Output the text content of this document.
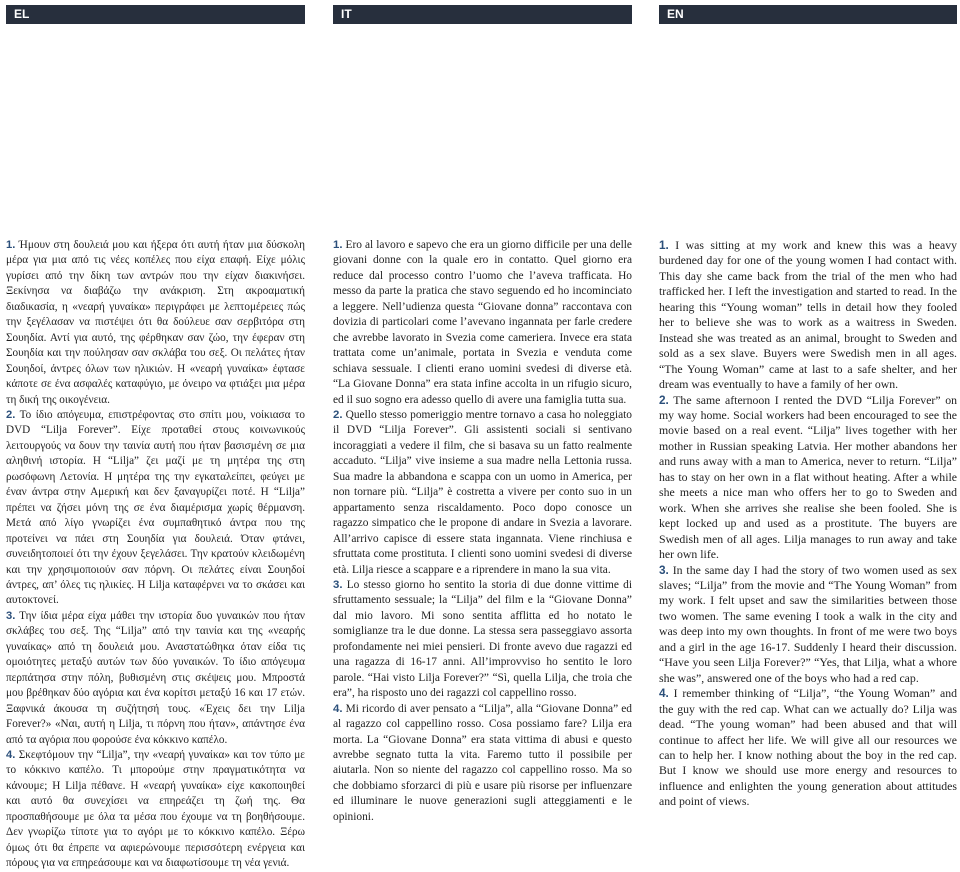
EL

1. Ήμουν στη δουλειά μου και ήξερα ότι αυτή ήταν μια δύσκολη μέρα για μια από τις νέες κοπέλες που είχα επαφή. Είχε μόλις γυρίσει από την δίκη των αντρών που την είχαν διακινήσει. Ξεκίνησα να διαβάζω την ανάκριση. Στη ακροαματική διαδικασία, η «νεαρή γυναίκα» περιγράφει με λεπτομέρειες πώς την ξεγέλασαν να πιστέψει ότι θα δούλευε σαν σερβιτόρα στη Σουηδία. Αντί για αυτό, της φέρθηκαν σαν ζώο, την έφεραν στη Σουηδία και την πούλησαν σαν σκλάβα του σεξ. Οι πελάτες ήταν Σουηδοί, άντρες όλων των ηλικιών. Η «νεαρή γυναίκα» έφτασε κάποτε σε ένα ασφαλές καταφύγιο, με όνειρο να φτιάξει μια μέρα τη δική της οικογένεια.

2. Το ίδιο απόγευμα, επιστρέφοντας στο σπίτι μου, νοίκιασα το DVD “Lilja Forever”. Είχε προταθεί στους κοινωνικούς λειτουργούς να δουν την ταινία αυτή που ήταν βασισμένη σε μια αληθινή ιστορία. Η “Lilja” ζει μαζί με τη μητέρα της στη ρωσόφωνη Λετονία. Η μητέρα της την εγκαταλείπει, φεύγει με έναν άντρα στην Αμερική και δεν ξαναγυρίζει ποτέ. Η “Lilja” πρέπει να ζήσει μόνη της σε ένα διαμέρισμα χωρίς θέρμανση. Μετά από λίγο γνωρίζει ένα συμπαθητικό άντρα που της προτείνει να πάει στη Σουηδία για δουλειά. Όταν φτάνει, συνειδητοποιεί ότι την έχουν ξεγελάσει. Την κρατούν κλειδωμένη και την χρησιμοποιούν σαν πόρνη. Οι πελάτες είναι Σουηδοί άντρες, απ’ όλες τις ηλικίες. Η Lilja καταφέρνει να το σκάσει και αυτοκτονεί.

3. Την ίδια μέρα είχα μάθει την ιστορία δυο γυναικών που ήταν σκλάβες του σεξ. Της “Lilja” από την ταινία και της «νεαρής γυναίκας» από τη δουλειά μου. Αναστατώθηκα όταν είδα τις ομοιότητες μεταξύ αυτών των δύο γυναικών. Το ίδιο απόγευμα περπάτησα στην πόλη, βυθισμένη στις σκέψεις μου. Μπροστά μου βρέθηκαν δύο αγόρια και ένα κορίτσι μεταξύ 16 και 17 ετών. Ξαφνικά άκουσα τη συζήτησή τους. «Έχεις δει την Lilja Forever?» «Ναι, αυτή η Lilja, τι πόρνη που ήταν», απάντησε ένα από τα αγόρια που φορούσε ένα κόκκινο καπέλο.

4. Σκεφτόμουν την “Lilja”, την «νεαρή γυναίκα» και τον τύπο με το κόκκινο καπέλο. Τι μπορούμε στην πραγματικότητα να κάνουμε; Η Lilja πέθανε. Η «νεαρή γυναίκα» είχε κακοποιηθεί και αυτό θα συνεχίσει να επηρεάζει τη ζωή της. Θα προσπαθήσουμε με όλα τα μέσα που έχουμε να τη βοηθήσουμε. Δεν γνωρίζω τίποτε για το αγόρι με το κόκκινο καπέλο. Ξέρω όμως ότι θα έπρεπε να αφιερώνουμε περισσότερη ενέργεια και πόρους για να επηρεάσουμε και να διαφωτίσουμε τη νέα γενιά.

IT

1. Ero al lavoro e sapevo che era un giorno difficile per una delle giovani donne con la quale ero in contatto. Quel giorno era reduce dal processo contro l’uomo che l’aveva trafficata. Ho messo da parte la pratica che stavo seguendo ed ho incominciato a leggere. Nell’udienza questa “Giovane donna” raccontava con dovizia di particolari come l’avevano ingannata per farle credere che avrebbe lavorato in Svezia come cameriera. Invece era stata trattata come un’animale, portata in Svezia e venduta come schiava sessuale. I clienti erano uomini svedesi di diverse età. “La Giovane Donna” era stata infine accolta in un rifugio sicuro, ed il suo sogno era adesso quello di avere una famiglia tutta sua.

2. Quello stesso pomeriggio mentre tornavo a casa ho noleggiato il DVD “Lilja Forever”. Gli assistenti sociali si sentivano incoraggiati a vedere il film, che si basava su un fatto realmente accaduto. “Lilja” vive insieme a sua madre nella Lettonia russa. Sua madre la abbandona e scappa con un uomo in America, per non tornare più. “Lilja” è costretta a vivere per conto suo in un appartamento senza riscaldamento. Poco dopo conosce un ragazzo simpatico che le propone di andare in Svezia a lavorare. All’arrivo capisce di essere stata ingannata. Viene rinchiusa e sfruttata come prostituta. I clienti sono uomini svedesi di diverse età. Lilja riesce a scappare e a riprendere in mano la sua vita.

3. Lo stesso giorno ho sentito la storia di due donne vittime di sfruttamento sessuale; la “Lilja” del film e la “Giovane Donna” dal mio lavoro. Mi sono sentita afflitta ed ho notato le somiglianze tra le due donne. La stessa sera passeggiavo assorta profondamente nei miei pensieri. Di fronte avevo due ragazzi ed una ragazza di 16-17 anni. All’improvviso ho sentito le loro parole. “Hai visto Lilja Forever?” “Sì, quella Lilja, che troia che era”, ha risposto uno dei ragazzi col cappellino rosso.

4. Mi ricordo di aver pensato a “Lilja”, alla “Giovane Donna” ed al ragazzo col cappellino rosso. Cosa possiamo fare? Lilja era morta. La “Giovane Donna” era stata vittima di abusi e questo avrebbe segnato tutta la vita. Faremo tutto il possibile per aiutarla. Non so niente del ragazzo col cappellino rosso. Ma so che dobbiamo sforzarci di più e usare più risorse per influenzare ed illuminare le nuove generazioni sugli atteggiamenti e le opinioni.

EN

1. I was sitting at my work and knew this was a heavy burdened day for one of the young women I had contact with. This day she came back from the trial of the men who had trafficked her. I left the investigation and started to read. In the hearing this “Young woman” tells in detail how they fooled her to believe she was to work as a waitress in Sweden. Instead she was treated as an animal, brought to Sweden and sold as a sex slave. Buyers were Swedish men in all ages. “The Young Woman” came at last to a safe shelter, and her dream was eventually to have a family of her own.

2. The same afternoon I rented the DVD “Lilja Forever” on my way home. Social workers had been encouraged to see the movie based on a real event. “Lilja” lives together with her mother in Russian speaking Latvia. Her mother abandons her and runs away with a man to America, never to return. “Lilja” has to stay on her own in a flat without heating. After a while she meets a nice man who offers her to go to Sweden and work. When she arrives she realise she been fooled. She is kept locked up and used as a prostitute. The buyers are Swedish men of all ages. Lilja manages to run away and take her own life.

3. In the same day I had the story of two women used as sex slaves; “Lilja” from the movie and “The Young Woman” from my work. I felt upset and saw the similarities between those two women. The same evening I took a walk in the city and was deep into my own thoughts. In front of me were two boys and a girl in the age 16-17. Suddenly I heard their discussion. “Have you seen Lilja Forever?” “Yes, that Lilja, what a whore she was”, answered one of the boys who had a red cap.

4. I remember thinking of “Lilja”, “the Young Woman” and the guy with the red cap. What can we actually do? Lilja was dead. “The young woman” had been abused and that will continue to affect her life. We will give all our resources we can to help her. I know nothing about the boy in the red cap. But I know we should use more energy and resources to influence and enlighten the young generation about attitudes and point of views.
